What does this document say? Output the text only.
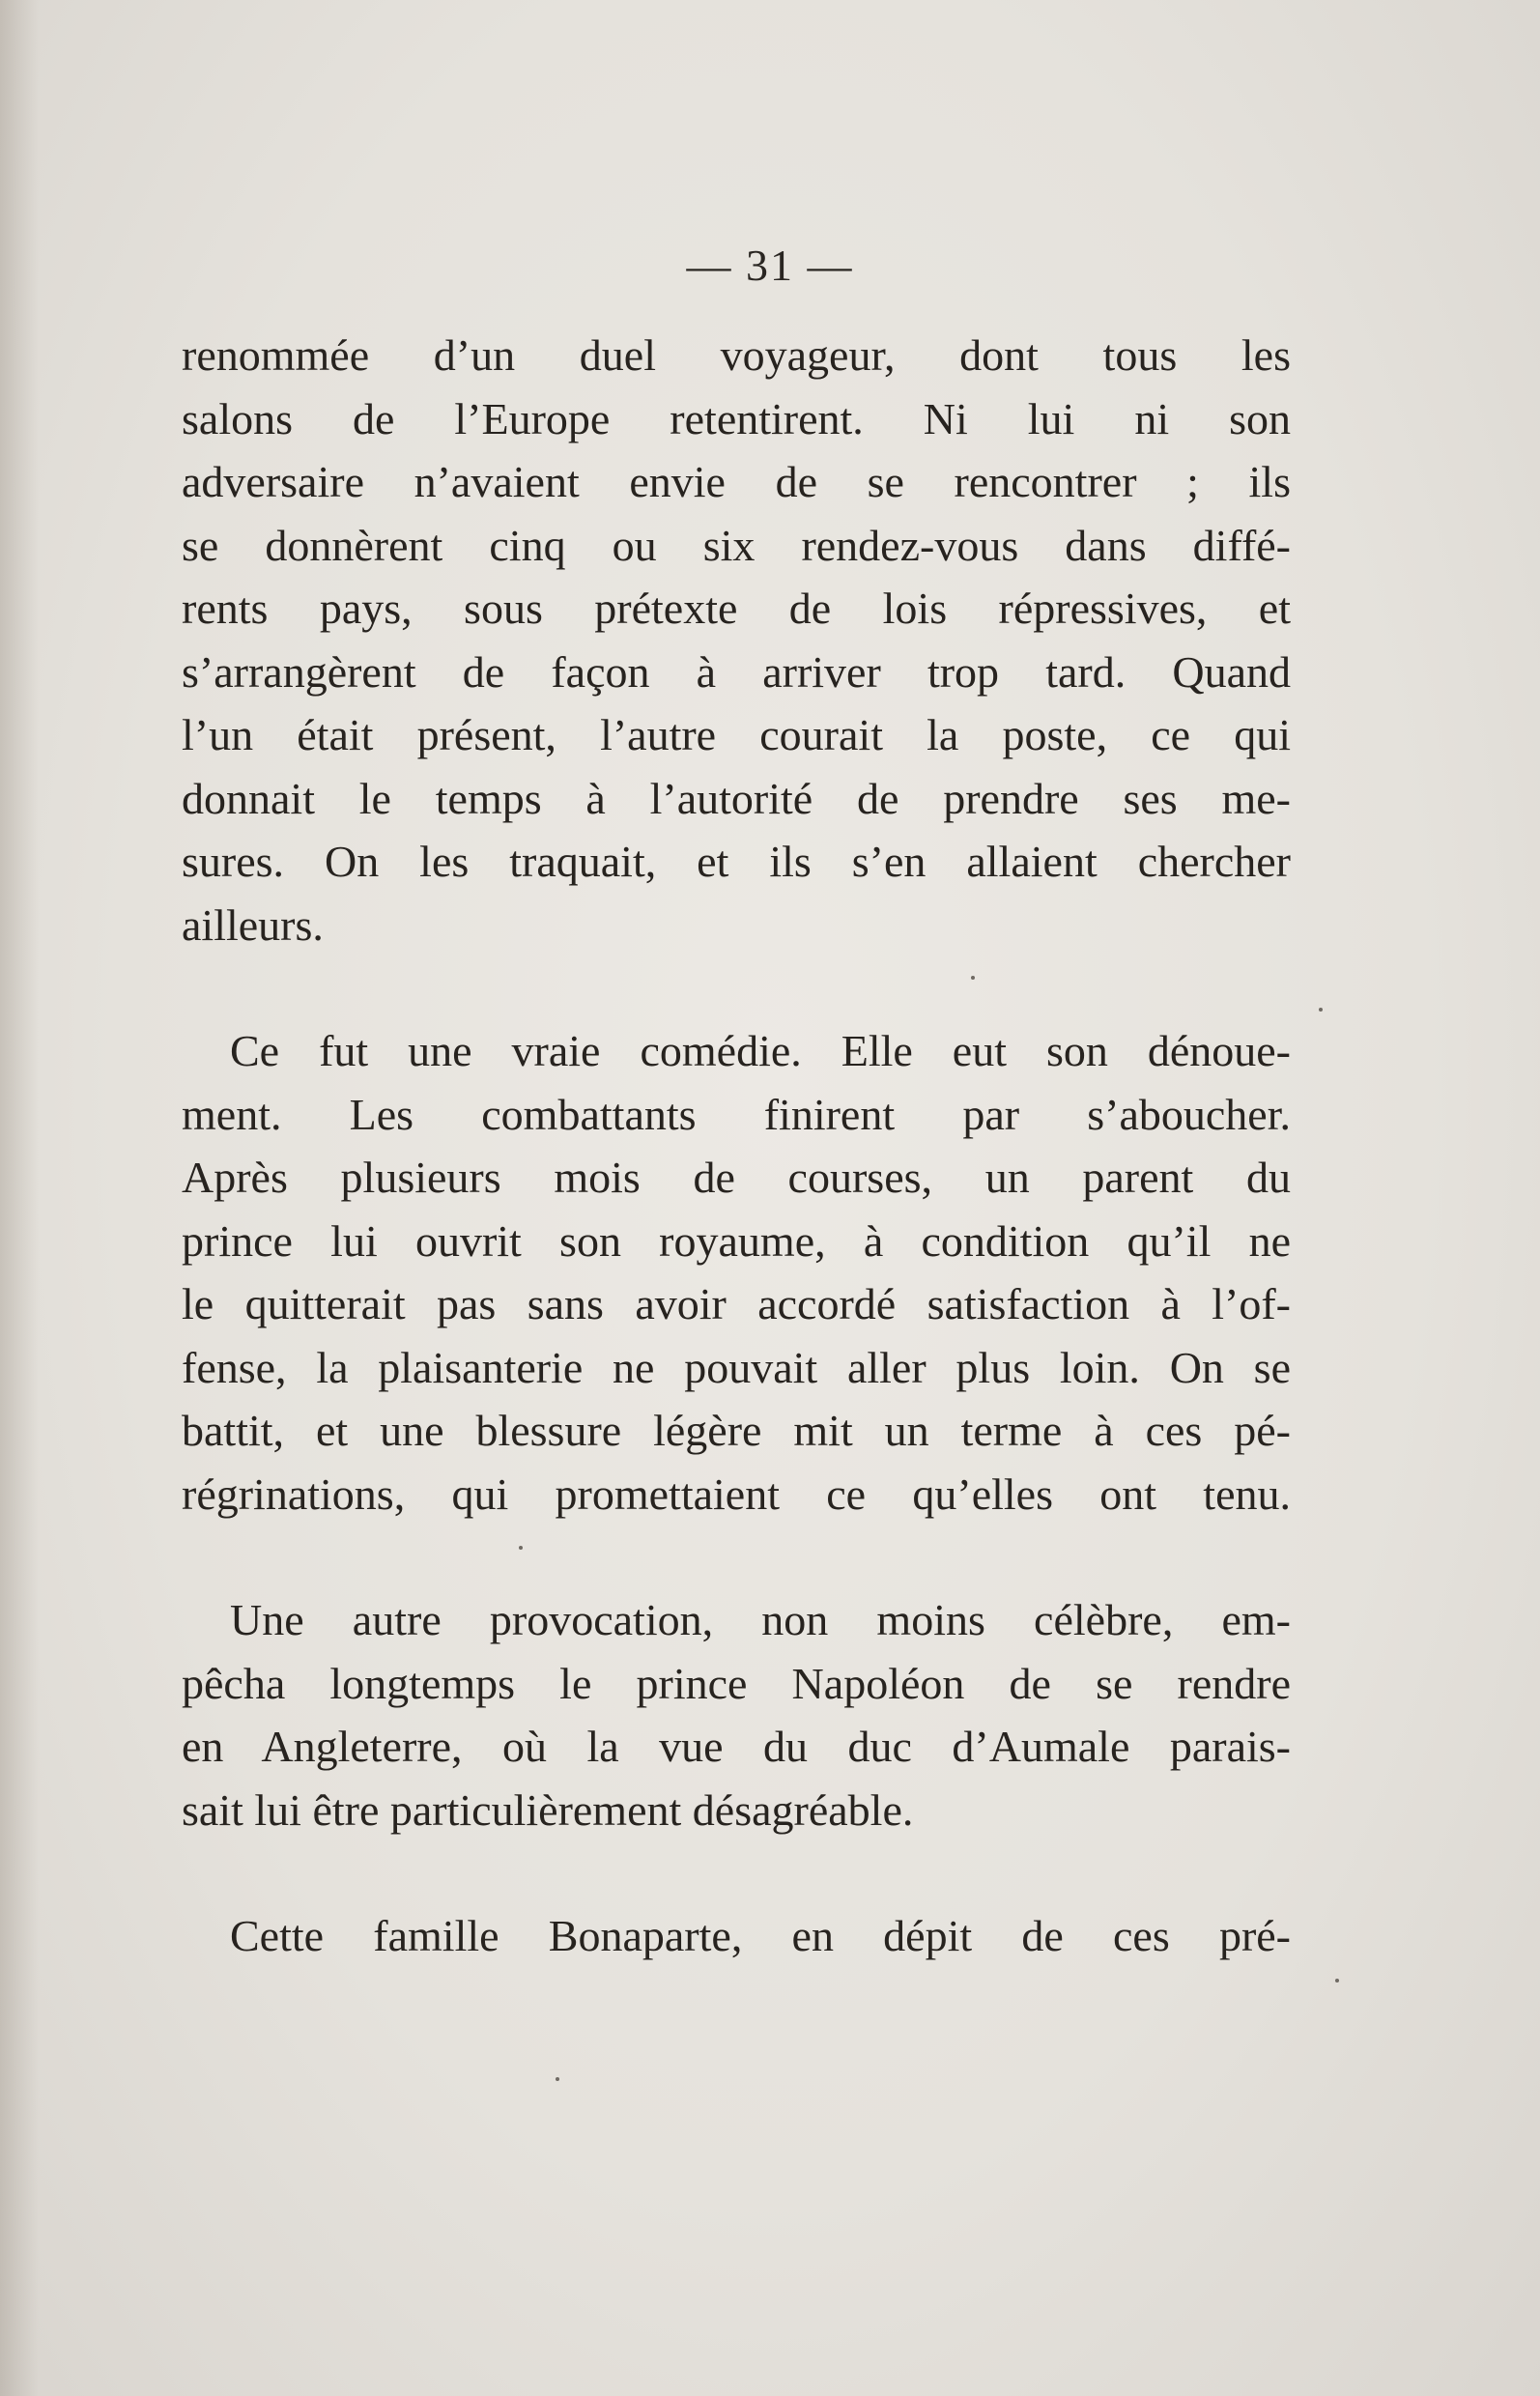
— 31 —
renommée d’un duel voyageur, dont tous les
salons de l’Europe retentirent. Ni lui ni son
adversaire n’avaient envie de se rencontrer ; ils
se donnèrent cinq ou six rendez-vous dans diffé-
rents pays, sous prétexte de lois répressives, et
s’arrangèrent de façon à arriver trop tard. Quand
l’un était présent, l’autre courait la poste, ce qui
donnait le temps à l’autorité de prendre ses me-
sures. On les traquait, et ils s’en allaient chercher
ailleurs.
Ce fut une vraie comédie. Elle eut son dénoue-
ment. Les combattants finirent par s’aboucher.
Après plusieurs mois de courses, un parent du
prince lui ouvrit son royaume, à condition qu’il ne
le quitterait pas sans avoir accordé satisfaction à l’of-
fense, la plaisanterie ne pouvait aller plus loin. On se
battit, et une blessure légère mit un terme à ces pé-
régrinations, qui promettaient ce qu’elles ont tenu.
Une autre provocation, non moins célèbre, em-
pêcha longtemps le prince Napoléon de se rendre
en Angleterre, où la vue du duc d’Aumale parais-
sait lui être particulièrement désagréable.
Cette famille Bonaparte, en dépit de ces pré-
